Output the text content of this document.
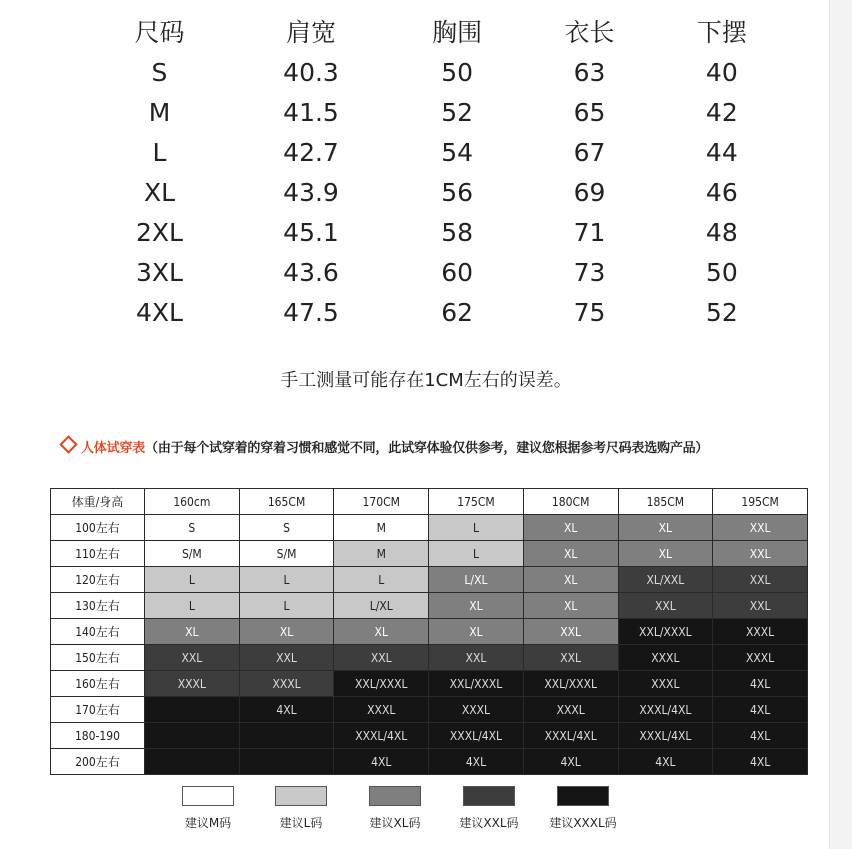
尺码	肩宽	胸围	衣长	下摆
S	40.3	50	63	40
M	41.5	52	65	42
L	42.7	54	67	44
XL	43.9	56	69	46
2XL	45.1	58	71	48
3XL	43.6	60	73	50
4XL	47.5	62	75	52
手工测量可能存在1CM左右的误差。
人体试穿表（由于每个试穿着的穿着习惯和感觉不同，此试穿体验仅供参考，建议您根据参考尺码表选购产品）
体重/身高	160cm	165CM	170CM	175CM	180CM	185CM	195CM
100左右	S	S	M	L	XL	XL	XXL
110左右	S/M	S/M	M	L	XL	XL	XXL
120左右	L	L	L	L/XL	XL	XL/XXL	XXL
130左右	L	L	L/XL	XL	XL	XXL	XXL
140左右	XL	XL	XL	XL	XXL	XXL/XXXL	XXXL
150左右	XXL	XXL	XXL	XXL	XXL	XXXL	XXXL
160左右	XXXL	XXXL	XXL/XXXL	XXL/XXXL	XXL/XXXL	XXXL	4XL
170左右		4XL	XXXL	XXXL	XXXL	XXXL/4XL	4XL
180-190			XXXL/4XL	XXXL/4XL	XXXL/4XL	XXXL/4XL	4XL
200左右			4XL	4XL	4XL	4XL	4XL
建议M码	建议L码	建议XL码	建议XXL码	建议XXXL码
